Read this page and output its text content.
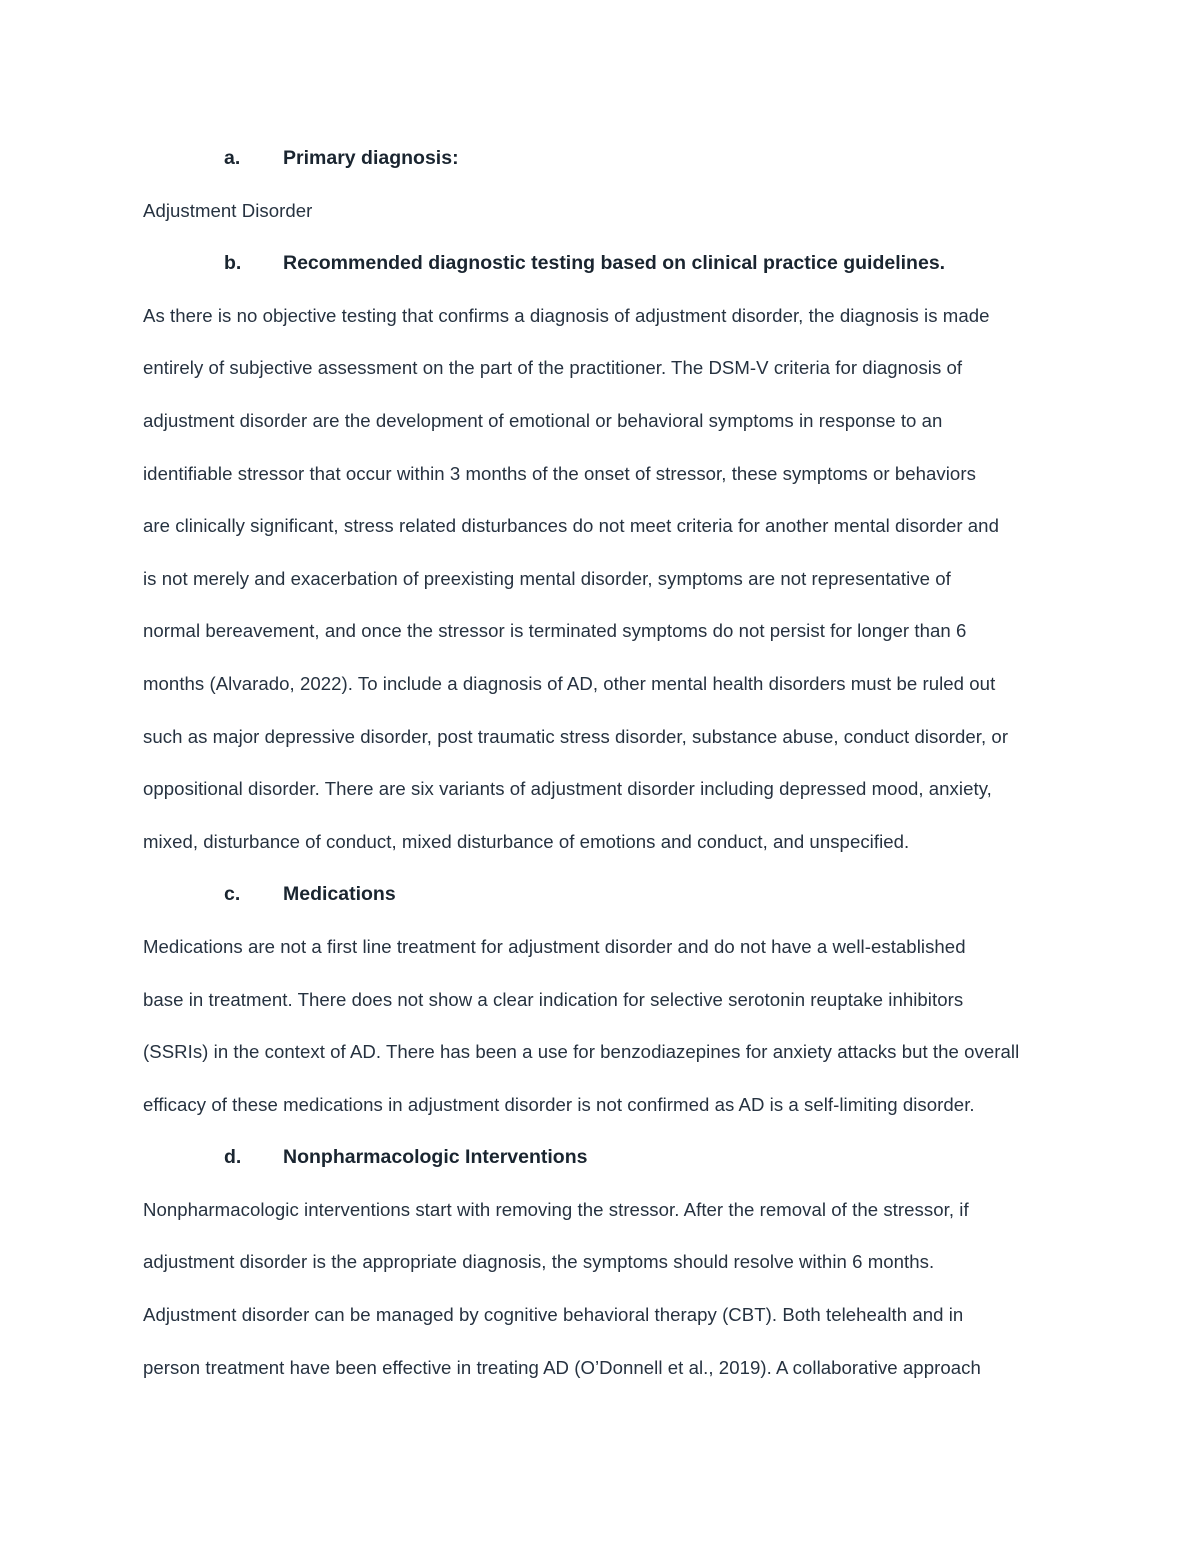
a. Primary diagnosis:
Adjustment Disorder
b. Recommended diagnostic testing based on clinical practice guidelines.
As there is no objective testing that confirms a diagnosis of adjustment disorder, the diagnosis is made
entirely of subjective assessment on the part of the practitioner. The DSM-V criteria for diagnosis of
adjustment disorder are the development of emotional or behavioral symptoms in response to an
identifiable stressor that occur within 3 months of the onset of stressor, these symptoms or behaviors
are clinically significant, stress related disturbances do not meet criteria for another mental disorder and
is not merely and exacerbation of preexisting mental disorder, symptoms are not representative of
normal bereavement, and once the stressor is terminated symptoms do not persist for longer than 6
months (Alvarado, 2022). To include a diagnosis of AD, other mental health disorders must be ruled out
such as major depressive disorder, post traumatic stress disorder, substance abuse, conduct disorder, or
oppositional disorder. There are six variants of adjustment disorder including depressed mood, anxiety,
mixed, disturbance of conduct, mixed disturbance of emotions and conduct, and unspecified.
c. Medications
Medications are not a first line treatment for adjustment disorder and do not have a well-established
base in treatment. There does not show a clear indication for selective serotonin reuptake inhibitors
(SSRIs) in the context of AD. There has been a use for benzodiazepines for anxiety attacks but the overall
efficacy of these medications in adjustment disorder is not confirmed as AD is a self-limiting disorder.
d. Nonpharmacologic Interventions
Nonpharmacologic interventions start with removing the stressor. After the removal of the stressor, if
adjustment disorder is the appropriate diagnosis, the symptoms should resolve within 6 months.
Adjustment disorder can be managed by cognitive behavioral therapy (CBT). Both telehealth and in
person treatment have been effective in treating AD (O’Donnell et al., 2019). A collaborative approach
